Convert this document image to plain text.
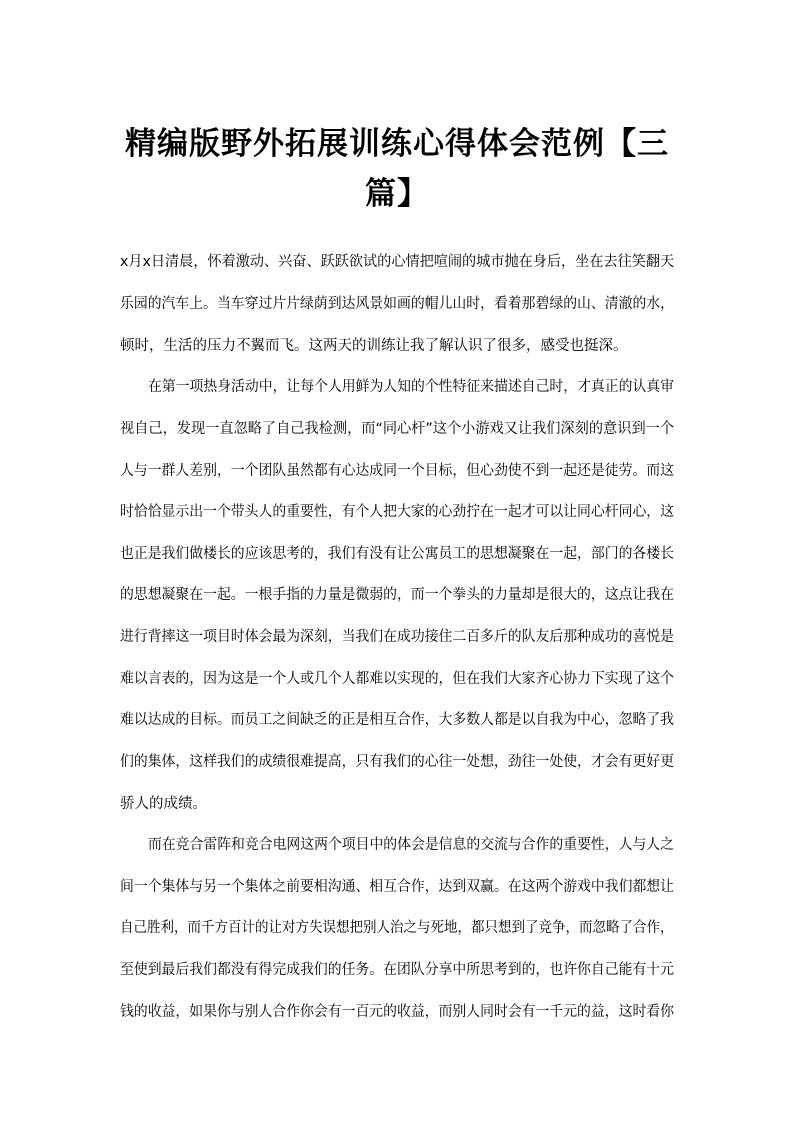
精编版野外拓展训练心得体会范例【三
篇】
x月x日清晨，怀着激动、兴奋、跃跃欲试的心情把喧闹的城市抛在身后，坐在去往笑翻天
乐园的汽车上。当车穿过片片绿荫到达风景如画的帽儿山时，看着那碧绿的山、清澈的水，
顿时，生活的压力不翼而飞。这两天的训练让我了解认识了很多，感受也挺深。
在第一项热身活动中，让每个人用鲜为人知的个性特征来描述自己时，才真正的认真审
视自己，发现一直忽略了自己我检测，而“同心杆”这个小游戏又让我们深刻的意识到一个
人与一群人差别，一个团队虽然都有心达成同一个目标，但心劲使不到一起还是徒劳。而这
时恰恰显示出一个带头人的重要性，有个人把大家的心劲拧在一起才可以让同心杆同心，这
也正是我们做楼长的应该思考的，我们有没有让公寓员工的思想凝聚在一起，部门的各楼长
的思想凝聚在一起。一根手指的力量是微弱的，而一个拳头的力量却是很大的，这点让我在
进行背摔这一项目时体会最为深刻，当我们在成功接住二百多斤的队友后那种成功的喜悦是
难以言表的，因为这是一个人或几个人都难以实现的，但在我们大家齐心协力下实现了这个
难以达成的目标。而员工之间缺乏的正是相互合作，大多数人都是以自我为中心，忽略了我
们的集体，这样我们的成绩很难提高，只有我们的心往一处想，劲往一处使，才会有更好更
骄人的成绩。
而在竞合雷阵和竞合电网这两个项目中的体会是信息的交流与合作的重要性，人与人之
间一个集体与另一个集体之前要相沟通、相互合作，达到双赢。在这两个游戏中我们都想让
自己胜利，而千方百计的让对方失误想把别人治之与死地，都只想到了竞争，而忽略了合作，
至使到最后我们都没有得完成我们的任务。在团队分享中所思考到的，也许你自己能有十元
钱的收益，如果你与别人合作你会有一百元的收益，而别人同时会有一千元的益，这时看你
